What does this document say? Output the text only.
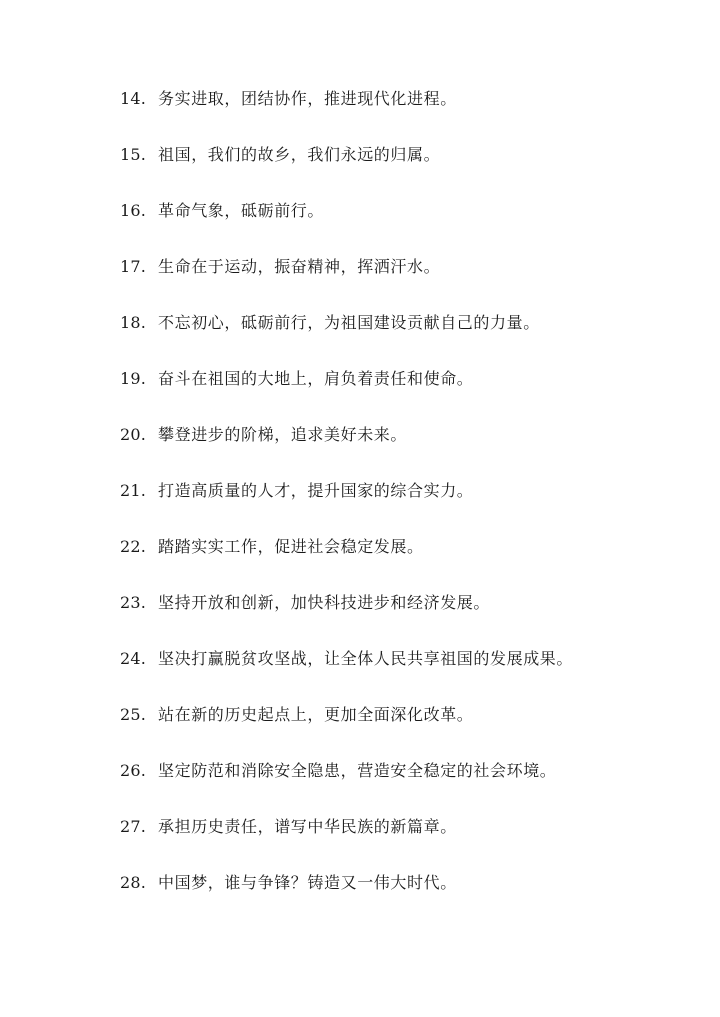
14. 务实进取，团结协作，推进现代化进程。
15. 祖国，我们的故乡，我们永远的归属。
16. 革命气象，砥砺前行。
17. 生命在于运动，振奋精神，挥洒汗水。
18. 不忘初心，砥砺前行，为祖国建设贡献自己的力量。
19. 奋斗在祖国的大地上，肩负着责任和使命。
20. 攀登进步的阶梯，追求美好未来。
21. 打造高质量的人才，提升国家的综合实力。
22. 踏踏实实工作，促进社会稳定发展。
23. 坚持开放和创新，加快科技进步和经济发展。
24. 坚决打赢脱贫攻坚战，让全体人民共享祖国的发展成果。
25. 站在新的历史起点上，更加全面深化改革。
26. 坚定防范和消除安全隐患，营造安全稳定的社会环境。
27. 承担历史责任，谱写中华民族的新篇章。
28. 中国梦，谁与争锋？铸造又一伟大时代。
